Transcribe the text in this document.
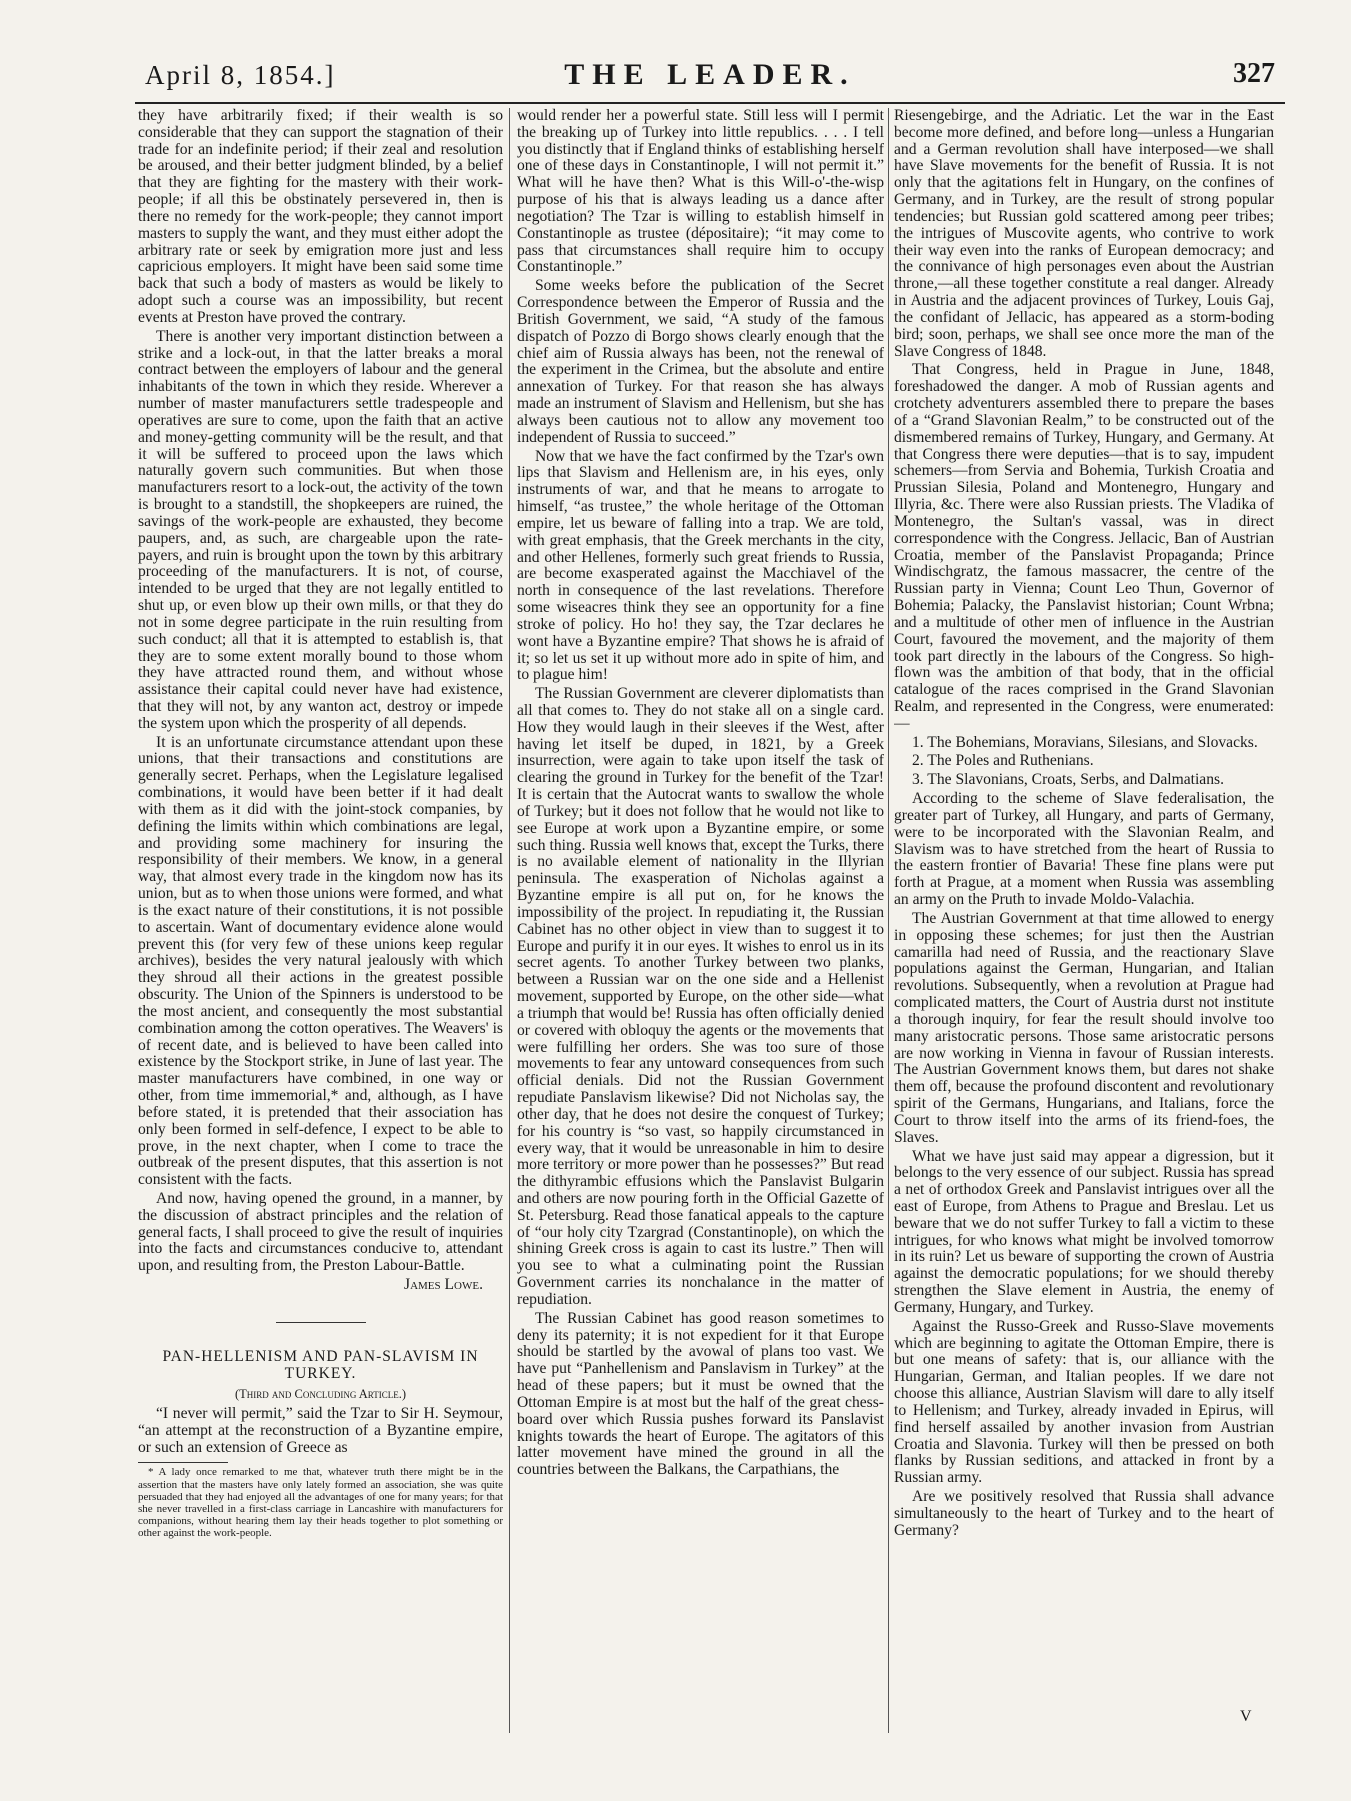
April 8, 1854.]	THE LEADER.	327

they have arbitrarily fixed; if their wealth is so considerable that they can support the stagnation of their trade for an indefinite period; if their zeal and resolution be aroused, and their better judgment blinded, by a belief that they are fighting for the mastery with their work-people; if all this be obstinately persevered in, then is there no remedy for the work-people; they cannot import masters to supply the want, and they must either adopt the arbitrary rate or seek by emigration more just and less capricious employers. It might have been said some time back that such a body of masters as would be likely to adopt such a course was an impossibility, but recent events at Preston have proved the contrary.

There is another very important distinction between a strike and a lock-out, in that the latter breaks a moral contract between the employers of labour and the general inhabitants of the town in which they reside. Wherever a number of master manufacturers settle tradespeople and operatives are sure to come, upon the faith that an active and money-getting community will be the result, and that it will be suffered to proceed upon the laws which naturally govern such communities. But when those manufacturers resort to a lock-out, the activity of the town is brought to a standstill, the shopkeepers are ruined, the savings of the work-people are exhausted, they become paupers, and, as such, are chargeable upon the rate-payers, and ruin is brought upon the town by this arbitrary proceeding of the manufacturers. It is not, of course, intended to be urged that they are not legally entitled to shut up, or even blow up their own mills, or that they do not in some degree participate in the ruin resulting from such conduct; all that it is attempted to establish is, that they are to some extent morally bound to those whom they have attracted round them, and without whose assistance their capital could never have had existence, that they will not, by any wanton act, destroy or impede the system upon which the prosperity of all depends.

It is an unfortunate circumstance attendant upon these unions, that their transactions and constitutions are generally secret. Perhaps, when the Legislature legalised combinations, it would have been better if it had dealt with them as it did with the joint-stock companies, by defining the limits within which combinations are legal, and providing some machinery for insuring the responsibility of their members. We know, in a general way, that almost every trade in the kingdom now has its union, but as to when those unions were formed, and what is the exact nature of their constitutions, it is not possible to ascertain. Want of documentary evidence alone would prevent this (for very few of these unions keep regular archives), besides the very natural jealously with which they shroud all their actions in the greatest possible obscurity. The Union of the Spinners is understood to be the most ancient, and consequently the most substantial combination among the cotton operatives. The Weavers' is of recent date, and is believed to have been called into existence by the Stockport strike, in June of last year. The master manufacturers have combined, in one way or other, from time immemorial,* and, although, as I have before stated, it is pretended that their association has only been formed in self-defence, I expect to be able to prove, in the next chapter, when I come to trace the outbreak of the present disputes, that this assertion is not consistent with the facts.

And now, having opened the ground, in a manner, by the discussion of abstract principles and the relation of general facts, I shall proceed to give the result of inquiries into the facts and circumstances conducive to, attendant upon, and resulting from, the Preston Labour-Battle.

James Lowe.
PAN-HELLENISM AND PAN-SLAVISM IN TURKEY.
(Third and Concluding Article.)

“I never will permit,” said the Tzar to Sir H. Seymour, “an attempt at the reconstruction of a Byzantine empire, or such an extension of Greece as

* A lady once remarked to me that, whatever truth there might be in the assertion that the masters have only lately formed an association, she was quite persuaded that they had enjoyed all the advantages of one for many years; for that she never travelled in a first-class carriage in Lancashire with manufacturers for companions, without hearing them lay their heads together to plot something or other against the work-people.

would render her a powerful state. Still less will I permit the breaking up of Turkey into little republics. . . . I tell you distinctly that if England thinks of establishing herself one of these days in Constantinople, I will not permit it.” What will he have then? What is this Will-o'-the-wisp purpose of his that is always leading us a dance after negotiation? The Tzar is willing to establish himself in Constantinople as trustee (dépositaire); “it may come to pass that circumstances shall require him to occupy Constantinople.”

Some weeks before the publication of the Secret Correspondence between the Emperor of Russia and the British Government, we said, “A study of the famous dispatch of Pozzo di Borgo shows clearly enough that the chief aim of Russia always has been, not the renewal of the experiment in the Crimea, but the absolute and entire annexation of Turkey. For that reason she has always made an instrument of Slavism and Hellenism, but she has always been cautious not to allow any movement too independent of Russia to succeed.”

Now that we have the fact confirmed by the Tzar's own lips that Slavism and Hellenism are, in his eyes, only instruments of war, and that he means to arrogate to himself, “as trustee,” the whole heritage of the Ottoman empire, let us beware of falling into a trap. We are told, with great emphasis, that the Greek merchants in the city, and other Hellenes, formerly such great friends to Russia, are become exasperated against the Macchiavel of the north in consequence of the last revelations. Therefore some wiseacres think they see an opportunity for a fine stroke of policy. Ho ho! they say, the Tzar declares he wont have a Byzantine empire? That shows he is afraid of it; so let us set it up without more ado in spite of him, and to plague him!

The Russian Government are cleverer diplomatists than all that comes to. They do not stake all on a single card. How they would laugh in their sleeves if the West, after having let itself be duped, in 1821, by a Greek insurrection, were again to take upon itself the task of clearing the ground in Turkey for the benefit of the Tzar! It is certain that the Autocrat wants to swallow the whole of Turkey; but it does not follow that he would not like to see Europe at work upon a Byzantine empire, or some such thing. Russia well knows that, except the Turks, there is no available element of nationality in the Illyrian peninsula. The exasperation of Nicholas against a Byzantine empire is all put on, for he knows the impossibility of the project. In repudiating it, the Russian Cabinet has no other object in view than to suggest it to Europe and purify it in our eyes. It wishes to enrol us in its secret agents. To another Turkey between two planks, between a Russian war on the one side and a Hellenist movement, supported by Europe, on the other side—what a triumph that would be! Russia has often officially denied or covered with obloquy the agents or the movements that were fulfilling her orders. She was too sure of those movements to fear any untoward consequences from such official denials. Did not the Russian Government repudiate Panslavism likewise? Did not Nicholas say, the other day, that he does not desire the conquest of Turkey; for his country is “so vast, so happily circumstanced in every way, that it would be unreasonable in him to desire more territory or more power than he possesses?” But read the dithyrambic effusions which the Panslavist Bulgarin and others are now pouring forth in the Official Gazette of St. Petersburg. Read those fanatical appeals to the capture of “our holy city Tzargrad (Constantinople), on which the shining Greek cross is again to cast its lustre.” Then will you see to what a culminating point the Russian Government carries its nonchalance in the matter of repudiation.

The Russian Cabinet has good reason sometimes to deny its paternity; it is not expedient for it that Europe should be startled by the avowal of plans too vast. We have put “Panhellenism and Panslavism in Turkey” at the head of these papers; but it must be owned that the Ottoman Empire is at most but the half of the great chess-board over which Russia pushes forward its Panslavist knights towards the heart of Europe. The agitators of this latter movement have mined the ground in all the countries between the Balkans, the Carpathians, the

Riesengebirge, and the Adriatic. Let the war in the East become more defined, and before long—unless a Hungarian and a German revolution shall have interposed—we shall have Slave movements for the benefit of Russia. It is not only that the agitations felt in Hungary, on the confines of Germany, and in Turkey, are the result of strong popular tendencies; but Russian gold scattered among peer tribes; the intrigues of Muscovite agents, who contrive to work their way even into the ranks of European democracy; and the connivance of high personages even about the Austrian throne,—all these together constitute a real danger. Already in Austria and the adjacent provinces of Turkey, Louis Gaj, the confidant of Jellacic, has appeared as a storm-boding bird; soon, perhaps, we shall see once more the man of the Slave Congress of 1848.

That Congress, held in Prague in June, 1848, foreshadowed the danger. A mob of Russian agents and crotchety adventurers assembled there to prepare the bases of a “Grand Slavonian Realm,” to be constructed out of the dismembered remains of Turkey, Hungary, and Germany. At that Congress there were deputies—that is to say, impudent schemers—from Servia and Bohemia, Turkish Croatia and Prussian Silesia, Poland and Montenegro, Hungary and Illyria, &c. There were also Russian priests. The Vladika of Montenegro, the Sultan's vassal, was in direct correspondence with the Congress. Jellacic, Ban of Austrian Croatia, member of the Panslavist Propaganda; Prince Windischgratz, the famous massacrer, the centre of the Russian party in Vienna; Count Leo Thun, Governor of Bohemia; Palacky, the Panslavist historian; Count Wrbna; and a multitude of other men of influence in the Austrian Court, favoured the movement, and the majority of them took part directly in the labours of the Congress. So high-flown was the ambition of that body, that in the official catalogue of the races comprised in the Grand Slavonian Realm, and represented in the Congress, were enumerated:—

1. The Bohemians, Moravians, Silesians, and Slovacks.

2. The Poles and Ruthenians.

3. The Slavonians, Croats, Serbs, and Dalmatians.

According to the scheme of Slave federalisation, the greater part of Turkey, all Hungary, and parts of Germany, were to be incorporated with the Slavonian Realm, and Slavism was to have stretched from the heart of Russia to the eastern frontier of Bavaria! These fine plans were put forth at Prague, at a moment when Russia was assembling an army on the Pruth to invade Moldo-Valachia.

The Austrian Government at that time allowed to energy in opposing these schemes; for just then the Austrian camarilla had need of Russia, and the reactionary Slave populations against the German, Hungarian, and Italian revolutions. Subsequently, when a revolution at Prague had complicated matters, the Court of Austria durst not institute a thorough inquiry, for fear the result should involve too many aristocratic persons. Those same aristocratic persons are now working in Vienna in favour of Russian interests. The Austrian Government knows them, but dares not shake them off, because the profound discontent and revolutionary spirit of the Germans, Hungarians, and Italians, force the Court to throw itself into the arms of its friend-foes, the Slaves.

What we have just said may appear a digression, but it belongs to the very essence of our subject. Russia has spread a net of orthodox Greek and Panslavist intrigues over all the east of Europe, from Athens to Prague and Breslau. Let us beware that we do not suffer Turkey to fall a victim to these intrigues, for who knows what might be involved tomorrow in its ruin? Let us beware of supporting the crown of Austria against the democratic populations; for we should thereby strengthen the Slave element in Austria, the enemy of Germany, Hungary, and Turkey.

Against the Russo-Greek and Russo-Slave movements which are beginning to agitate the Ottoman Empire, there is but one means of safety: that is, our alliance with the Hungarian, German, and Italian peoples. If we dare not choose this alliance, Austrian Slavism will dare to ally itself to Hellenism; and Turkey, already invaded in Epirus, will find herself assailed by another invasion from Austrian Croatia and Slavonia. Turkey will then be pressed on both flanks by Russian seditions, and attacked in front by a Russian army.

Are we positively resolved that Russia shall advance simultaneously to the heart of Turkey and to the heart of Germany?

V
